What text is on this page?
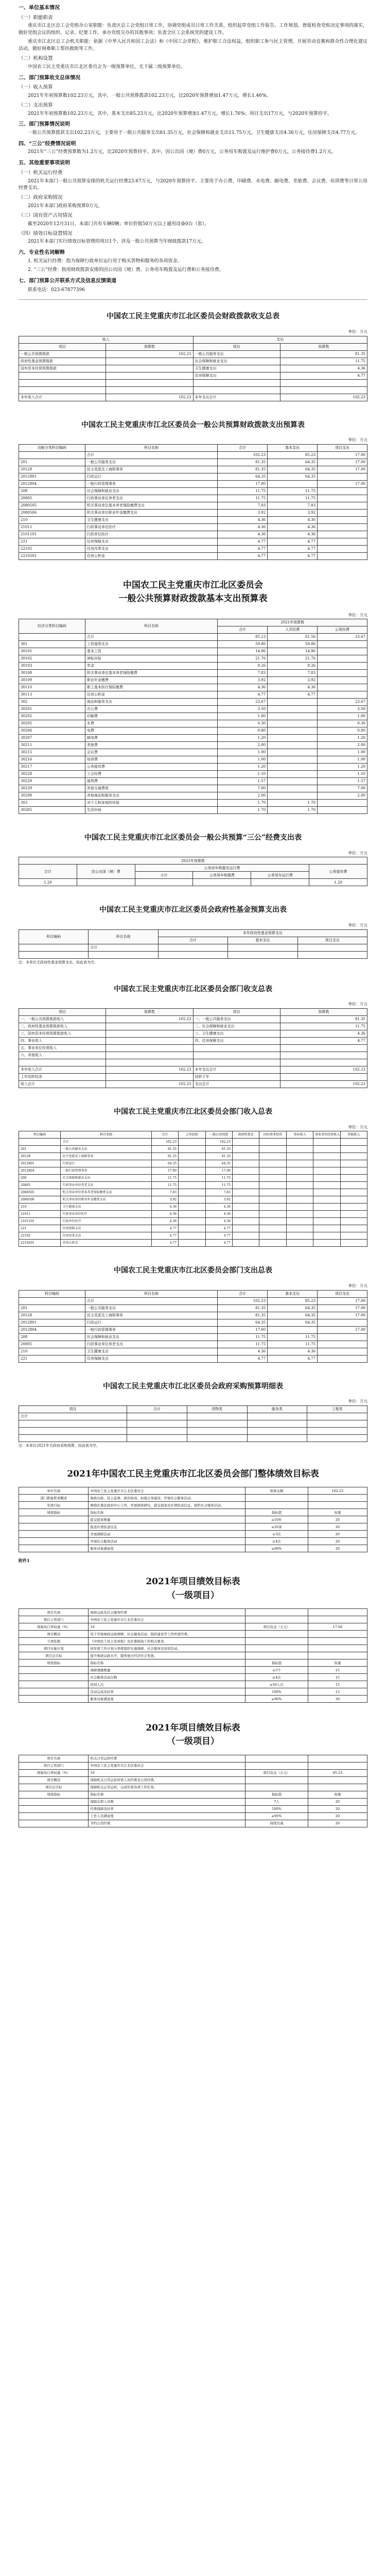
一、单位基本情况
（一）职能职责

重庆市江北区总工会党组办公室职能：负责区总工会党组日常工作，协调党组成员日常工作关系，组织起草党组工作报告、工作规划，督促检查党组决定事项的落实，做好党组会议的组织、记录、纪要工作，承办党组交办的其他事项；负责全区工会系统党的建设工作。

重庆市江北区总工会机关职能：依据《中华人民共和国工会法》和《中国工会章程》，维护职工合法权益，组织职工参与民主管理，开展劳动竞赛和群众性合理化建议活动，做好困难职工帮扶救助等工作。

（二）机构设置

中国农工民主党重庆市江北区委员会为一级预算单位，无下属二级预算单位。

二、部门预算收支总体情况
（一）收入预算

2021年年初预算数102.23万元，其中，一般公共预算拨款102.23万元，比2020年预算增加1.47万元，增长1.46%。

（二）支出预算

2021年年初预算数102.23万元，其中，基本支出85.23万元，比2020年预算增加1.47万元，增长1.76%；项目支出17万元，与2020年预算持平。

三、部门预算情况说明

一般公共预算拨款支出102.23万元，主要用于一般公共服务支出81.35万元，社会保障和就业支出11.75万元，卫生健康支出4.36万元，住房保障支出4.77万元。

四、“三公”经费情况说明

2021年“三公”经费预算数为1.2万元，比2020年预算持平。其中，因公出国（境）费0万元，公务用车购置及运行维护费0万元，公务接待费1.2万元。

五、其他重要事项说明
（一）机关运行经费

2021年本部门一般公共预算安排的机关运行经费23.67万元，与2020年预算持平。主要用于办公费、印刷费、水电费、邮电费、差旅费、会议费、培训费等日常公用经费支出。

（二）政府采购情况

2021年本部门政府采购预算0万元。

（三）国有资产占用情况

截至2020年12月31日，本部门共有车辆0辆；单位价值50万元以上通用设备0台（套）。

（四）绩效目标设置情况

2021年本部门实行绩效目标管理的项目1个，涉及一般公共预算当年财政拨款17万元。

六、专业性名词解释

1. 机关运行经费：指为保障行政单位运行用于购买货物和服务的各项资金。

2. “三公”经费：指用财政拨款安排的因公出国（境）费、公务用车购置及运行费和公务接待费。

七、部门预算公开联系方式及信息反馈渠道

联系电话：023-67877396

中国农工民主党重庆市江北区委员会财政拨款收支总表
单位：万元
收入		支出	
项目	预算数	项目	预算数
一般公共预算拨款	102.23	一般公共服务支出	81.35
政府性基金预算拨款		社会保障和就业支出	11.75
国有资本经营预算拨款		卫生健康支出	4.36
		住房保障支出	4.77

本年收入合计	102.23	本年支出合计	102.23
中国农工民主党重庆市江北区委员会一般公共预算财政拨款支出预算表
单位：万元
功能分类科目编码	科目名称	合计	基本支出	项目支出
	合计	102.23	85.23	17.00
201	一般公共服务支出	81.35	64.35	17.00
20128	民主党派及工商联事务	81.35	64.35	17.00
2012801	行政运行	64.35	64.35	
2012804	一般行政管理事务	17.00		17.00
208	社会保障和就业支出	11.75	11.75	
20805	行政事业单位养老支出	11.75	11.75	
2080505	机关事业单位基本养老保险缴费支出	7.83	7.83	
2080506	机关事业单位职业年金缴费支出	3.92	3.92	
210	卫生健康支出	4.36	4.36	
21011	行政事业单位医疗	4.36	4.36	
2101101	行政单位医疗	4.36	4.36	
221	住房保障支出	4.77	4.77	
22102	住房改革支出	4.77	4.77	
2210201	住房公积金	4.77	4.77	
中国农工民主党重庆市江北区委员会
一般公共预算财政拨款基本支出预算表
单位：万元
经济分类科目编码	科目名称	2021年预算数		
		合计	人员经费	公用经费
	合计	85.23	61.56	23.67
301	工资福利支出	59.86	59.86	
30101	基本工资	14.96	14.96	
30102	津贴补贴	21.76	21.76	
30103	奖金	8.26	8.26	
30108	机关事业单位基本养老保险缴费	7.83	7.83	
30109	职业年金缴费	3.92	3.92	
30110	职工基本医疗保险缴费	4.36	4.36	
30113	住房公积金	4.77	4.77	
302	商品和服务支出	23.67		23.67
30201	办公费	3.50		3.50
30202	印刷费	1.00		1.00
30205	水费	0.30		0.30
30206	电费	0.80		0.80
30207	邮电费	1.20		1.20
30211	差旅费	2.00		2.00
30215	会议费	1.00		1.00
30216	培训费	1.00		1.00
30217	公务接待费	1.20		1.20
30228	工会经费	1.10		1.10
30229	福利费	1.57		1.57
30239	其他交通费用	7.00		7.00
30299	其他商品和服务支出	2.00		2.00
303	对个人和家庭的补助	1.70	1.70	
30305	生活补助	1.70	1.70	
中国农工民主党重庆市江北区委员会一般公共预算“三公”经费支出表
单位：万元
2021年预算数					
合计	因公出国（境）费	公务用车购置及运行费			公务接待费
		小计	公务用车购置费	公务用车运行费	
1.20					1.20
中国农工民主党重庆市江北区委员会政府性基金预算支出表
单位：万元
科目编码	科目名称	本年政府性基金预算支出		
		合计	基本支出	项目支出
	合计			

注：本单位无政府性基金预算支出，故此表为空。
中国农工民主党重庆市江北区委员会部门收支总表
单位：万元
项目	预算数	项目	预算数
一、一般公共预算拨款收入	102.23	一、一般公共服务支出	81.35
二、政府性基金预算拨款收入		二、社会保障和就业支出	11.75
三、国有资本经营预算拨款收入		三、卫生健康支出	4.36
四、事业收入		四、住房保障支出	4.77
五、事业单位经营收入			
六、其他收入			

本年收入合计	102.23	本年支出合计	102.23
上年结转结余		结转下年	
收入总计	102.23	支出总计	102.23
中国农工民主党重庆市江北区委员会部门收入总表
单位：万元
科目编码	科目名称	合计	上年结转	一般公共预算	政府性基金	国有资本经营	事业收入	事业单位经营收入	其他收入
	合计	102.23		102.23					
201	一般公共服务支出	81.35		81.35					
20128	民主党派及工商联事务	81.35		81.35					
2012801	行政运行	64.35		64.35					
2012804	一般行政管理事务	17.00		17.00					
208	社会保障和就业支出	11.75		11.75					
20805	行政事业单位养老支出	11.75		11.75					
2080505	机关事业单位基本养老保险缴费支出	7.83		7.83					
2080506	机关事业单位职业年金缴费支出	3.92		3.92					
210	卫生健康支出	4.36		4.36					
21011	行政事业单位医疗	4.36		4.36					
2101101	行政单位医疗	4.36		4.36					
221	住房保障支出	4.77		4.77					
22102	住房改革支出	4.77		4.77					
2210201	住房公积金	4.77		4.77					
中国农工民主党重庆市江北区委员会部门支出总表
单位：万元
科目编码	科目名称	合计	基本支出	项目支出
	合计	102.23	85.23	17.00
201	一般公共服务支出	81.35	64.35	17.00
20128	民主党派及工商联事务	81.35	64.35	17.00
2012801	行政运行	64.35	64.35	
2012804	一般行政管理事务	17.00		17.00
208	社会保障和就业支出	11.75	11.75	
20805	行政事业单位养老支出	11.75	11.75	
210	卫生健康支出	4.36	4.36	
221	住房保障支出	4.77	4.77	
中国农工民主党重庆市江北区委员会政府采购预算明细表
单位：万元
项目	合计	货物类	服务类	工程类
合计				

注：本单位2021年无政府采购预算，故此表为空。
2021年中国农工民主党重庆市江北区委员会部门整体绩效目标表
单位名称	中国农工民主党重庆市江北区委员会	预算金额	102.23
部门职能职责概述	参政议政、民主监督、政治协商，加强自身建设，开展社会服务活动。		
年度目标	围绕区委区政府中心工作，开展调查研究，提交提案及社情民意信息，组织社会服务活动。		
绩效指标	指标名称	指标值	权重
	提交提案数量	≥10件	20
	报送社情民意信息	≥20条	20
	开展调研活动	≥3次	20
	开展社会服务活动	≥4次	20
	服务对象满意度	≥90%	20
附件1
2021年项目绩效目标表
（一级项目）
项目名称	参政议政及社会服务经费		
项目主管部门	中国农工民主党重庆市江北区委员会		
预算执行率权重（%）	10	项目资金（万元）	17.00
项目概况	用于开展参政议政调研、社会服务活动、组织建设等工作所需经费。		
立项依据	《中国农工民主党章程》及区委统战工作相关要求。		
项目实施计划	按年度工作计划分季度组织实施调研、社会服务及培训活动。		
项目总目标	提升参政议政水平，服务地方经济社会发展。		
绩效指标	指标名称	指标值	权重
	调研课题数量	≥3个	15
	社会服务活动次数	≥4次	15
	培训人次	≥50人次	15
	活动完成及时率	100%	15
	服务对象满意度	≥90%	30
2021年项目绩效目标表
（一级项目）
项目名称	机关日常运转经费		
项目主管部门	中国农工民主党重庆市江北区委员会		
预算执行率权重（%）	10	项目资金（万元）	85.23
项目概况	保障机关日常运转所需人员经费及公用经费。		
项目总目标	保障机关正常运转，完成年度各项工作任务。		
绩效指标	指标名称	指标值	权重
	保障在职人员数	7人	20
	经费保障及时率	100%	20
	工作人员满意度	≥95%	20
	节约公用经费	持续压减	20
